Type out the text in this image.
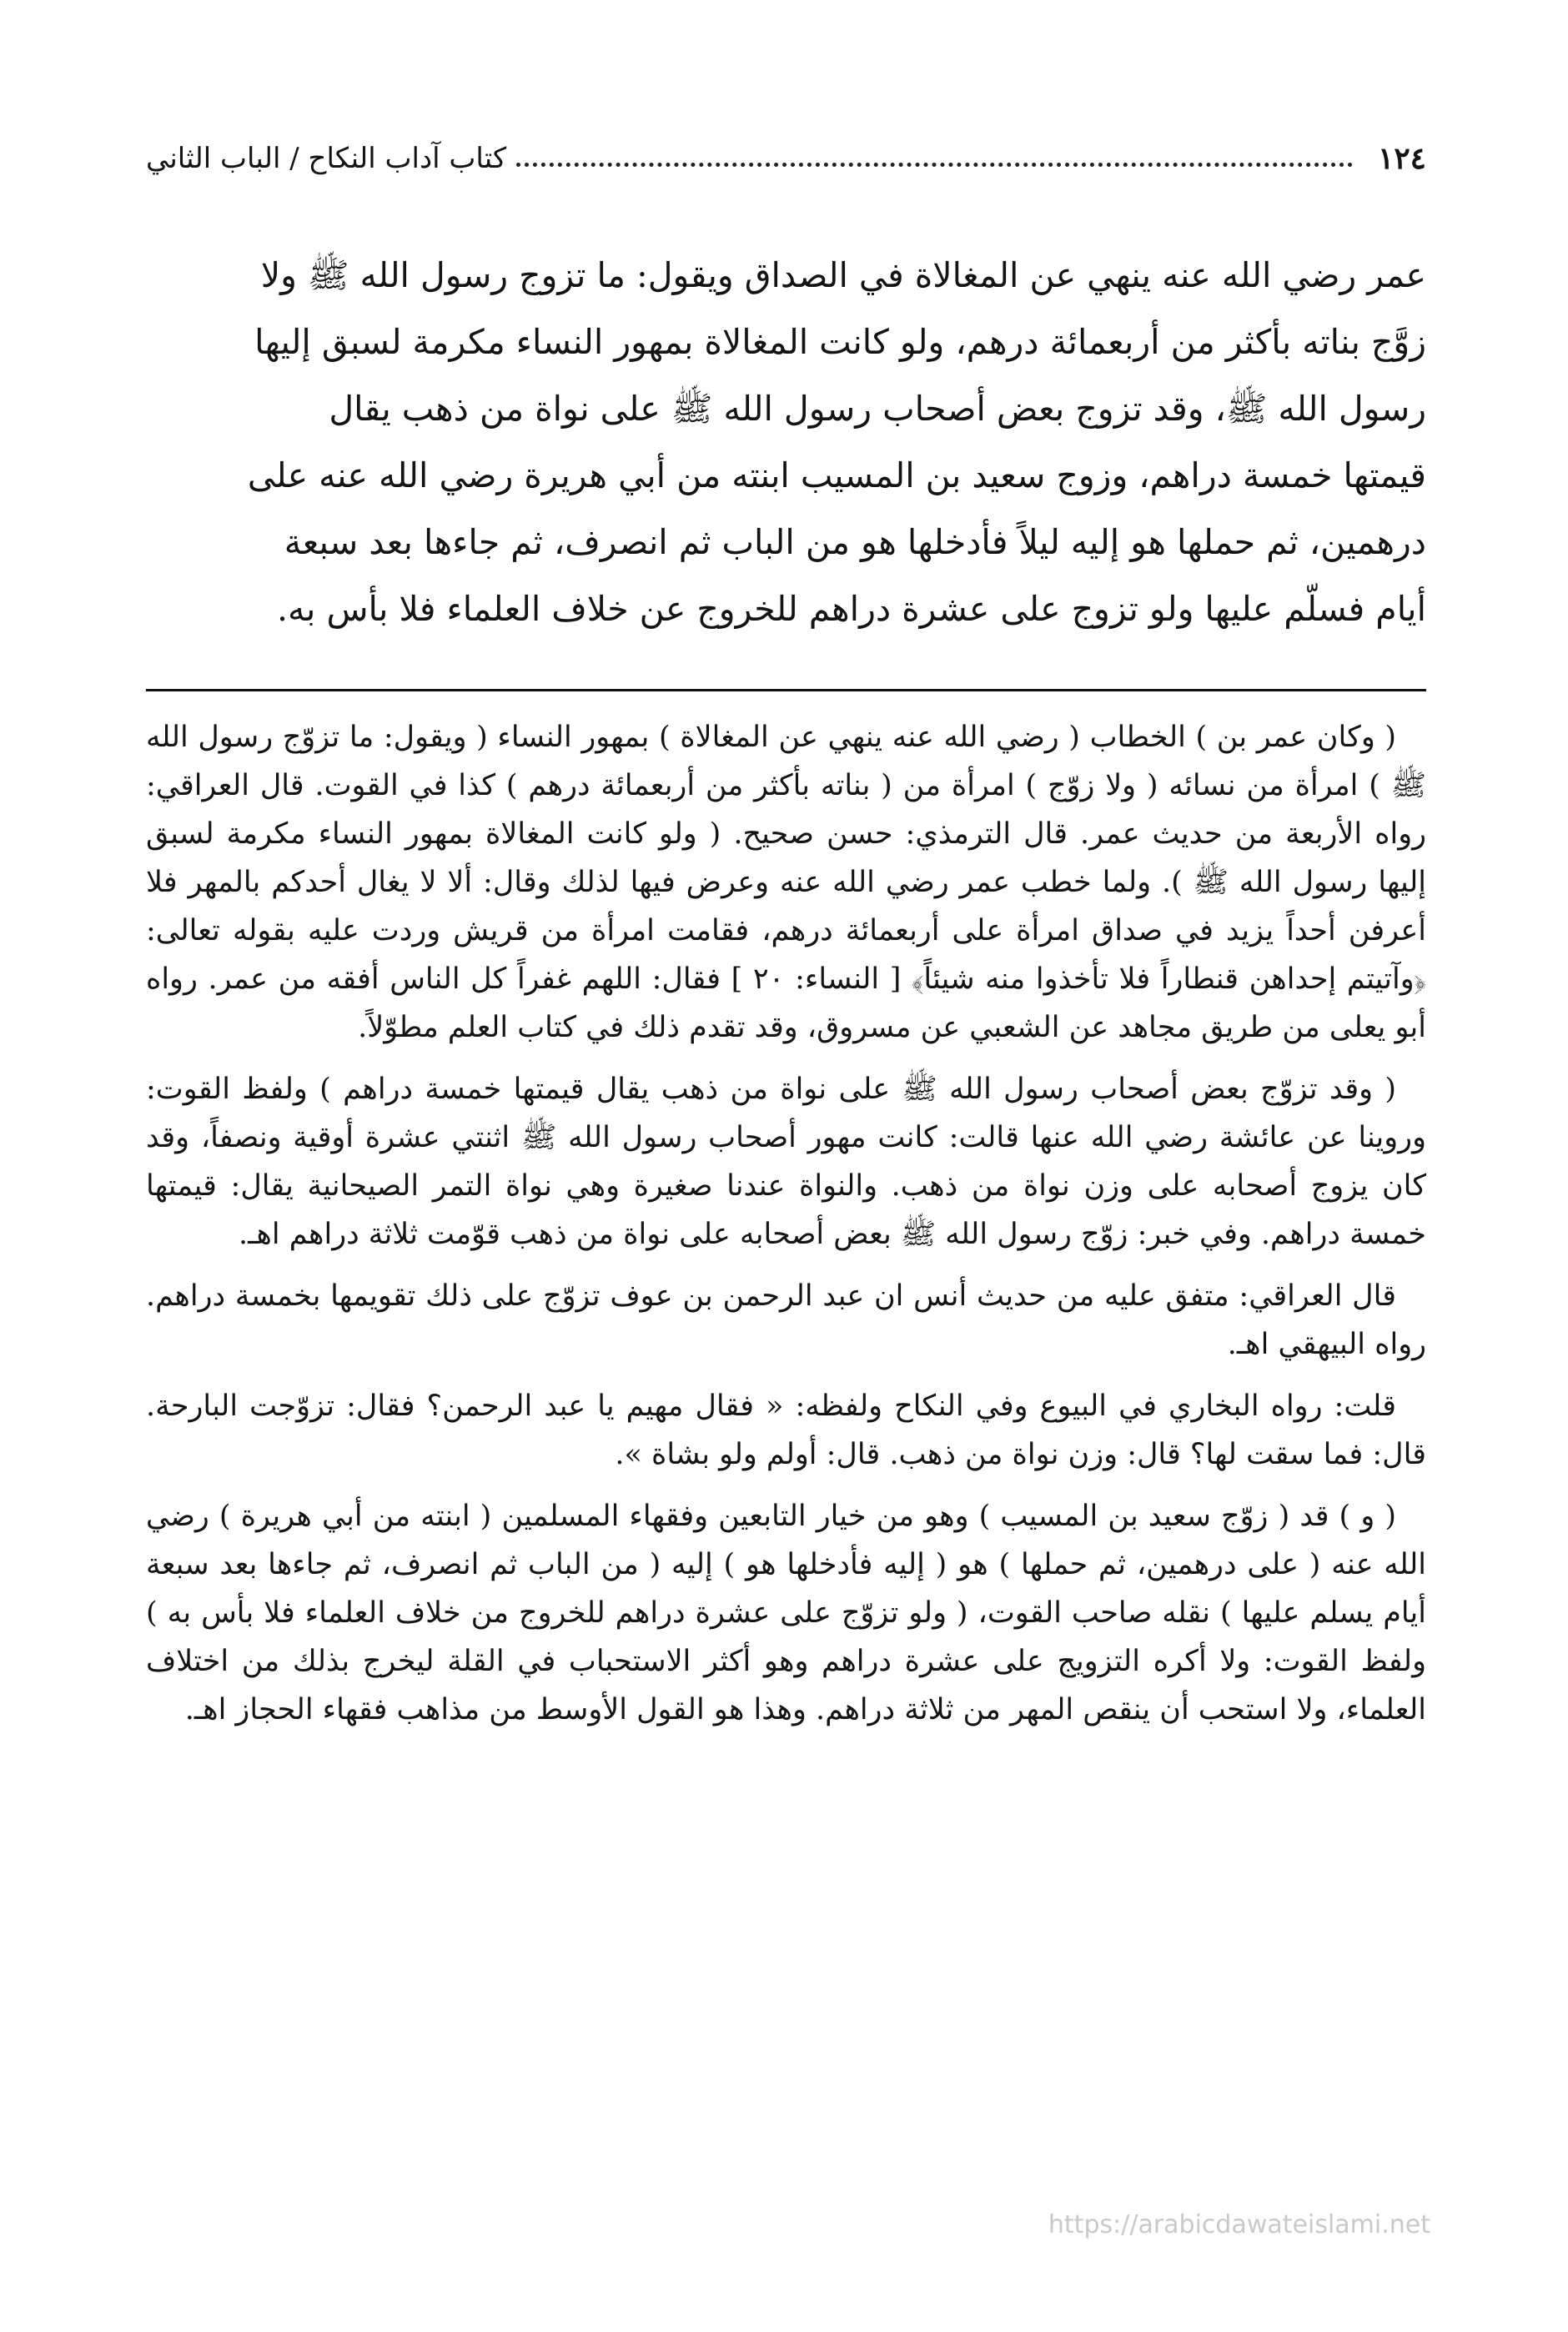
١٢٤
كتاب آداب النكاح / الباب الثاني

عمر رضي الله عنه ينهي عن المغالاة في الصداق ويقول: ما تزوج رسول الله ﷺ ولا

زوَّج بناته بأكثر من أربعمائة درهم، ولو كانت المغالاة بمهور النساء مكرمة لسبق إليها

رسول الله ﷺ، وقد تزوج بعض أصحاب رسول الله ﷺ على نواة من ذهب يقال

قيمتها خمسة دراهم، وزوج سعيد بن المسيب ابنته من أبي هريرة رضي الله عنه على

درهمين، ثم حملها هو إليه ليلاً فأدخلها هو من الباب ثم انصرف، ثم جاءها بعد سبعة

أيام فسلّم عليها ولو تزوج على عشرة دراهم للخروج عن خلاف العلماء فلا بأس به.

( وكان عمر بن ) الخطاب ( رضي الله عنه ينهي عن المغالاة ) بمهور النساء ( ويقول: ما تزوّج رسول الله ﷺ ) امرأة من نسائه ( ولا زوّج ) امرأة من ( بناته بأكثر من أربعمائة درهم ) كذا في القوت. قال العراقي: رواه الأربعة من حديث عمر. قال الترمذي: حسن صحيح. ( ولو كانت المغالاة بمهور النساء مكرمة لسبق إليها رسول الله ﷺ ). ولما خطب عمر رضي الله عنه وعرض فيها لذلك وقال: ألا لا يغال أحدكم بالمهر فلا أعرفن أحداً يزيد في صداق امرأة على أربعمائة درهم، فقامت امرأة من قريش وردت عليه بقوله تعالى: ﴿وآتيتم إحداهن قنطاراً فلا تأخذوا منه شيئاً﴾ [ النساء: ٢٠ ] فقال: اللهم غفراً كل الناس أفقه من عمر. رواه أبو يعلى من طريق مجاهد عن الشعبي عن مسروق، وقد تقدم ذلك في كتاب العلم مطوّلاً.

( وقد تزوّج بعض أصحاب رسول الله ﷺ على نواة من ذهب يقال قيمتها خمسة دراهم ) ولفظ القوت: وروينا عن عائشة رضي الله عنها قالت: كانت مهور أصحاب رسول الله ﷺ اثنتي عشرة أوقية ونصفاً، وقد كان يزوج أصحابه على وزن نواة من ذهب. والنواة عندنا صغيرة وهي نواة التمر الصيحانية يقال: قيمتها خمسة دراهم. وفي خبر: زوّج رسول الله ﷺ بعض أصحابه على نواة من ذهب قوّمت ثلاثة دراهم اهـ.

قال العراقي: متفق عليه من حديث أنس ان عبد الرحمن بن عوف تزوّج على ذلك تقويمها بخمسة دراهم. رواه البيهقي اهـ.

قلت: رواه البخاري في البيوع وفي النكاح ولفظه: « فقال مهيم يا عبد الرحمن؟ فقال: تزوّجت البارحة. قال: فما سقت لها؟ قال: وزن نواة من ذهب. قال: أولم ولو بشاة ».

( و ) قد ( زوّج سعيد بن المسيب ) وهو من خيار التابعين وفقهاء المسلمين ( ابنته من أبي هريرة ) رضي الله عنه ( على درهمين، ثم حملها ) هو ( إليه فأدخلها هو ) إليه ( من الباب ثم انصرف، ثم جاءها بعد سبعة أيام يسلم عليها ) نقله صاحب القوت، ( ولو تزوّج على عشرة دراهم للخروج من خلاف العلماء فلا بأس به ) ولفظ القوت: ولا أكره التزويج على عشرة دراهم وهو أكثر الاستحباب في القلة ليخرج بذلك من اختلاف العلماء، ولا استحب أن ينقص المهر من ثلاثة دراهم. وهذا هو القول الأوسط من مذاهب فقهاء الحجاز اهـ.

https://arabicdawateislami.net
